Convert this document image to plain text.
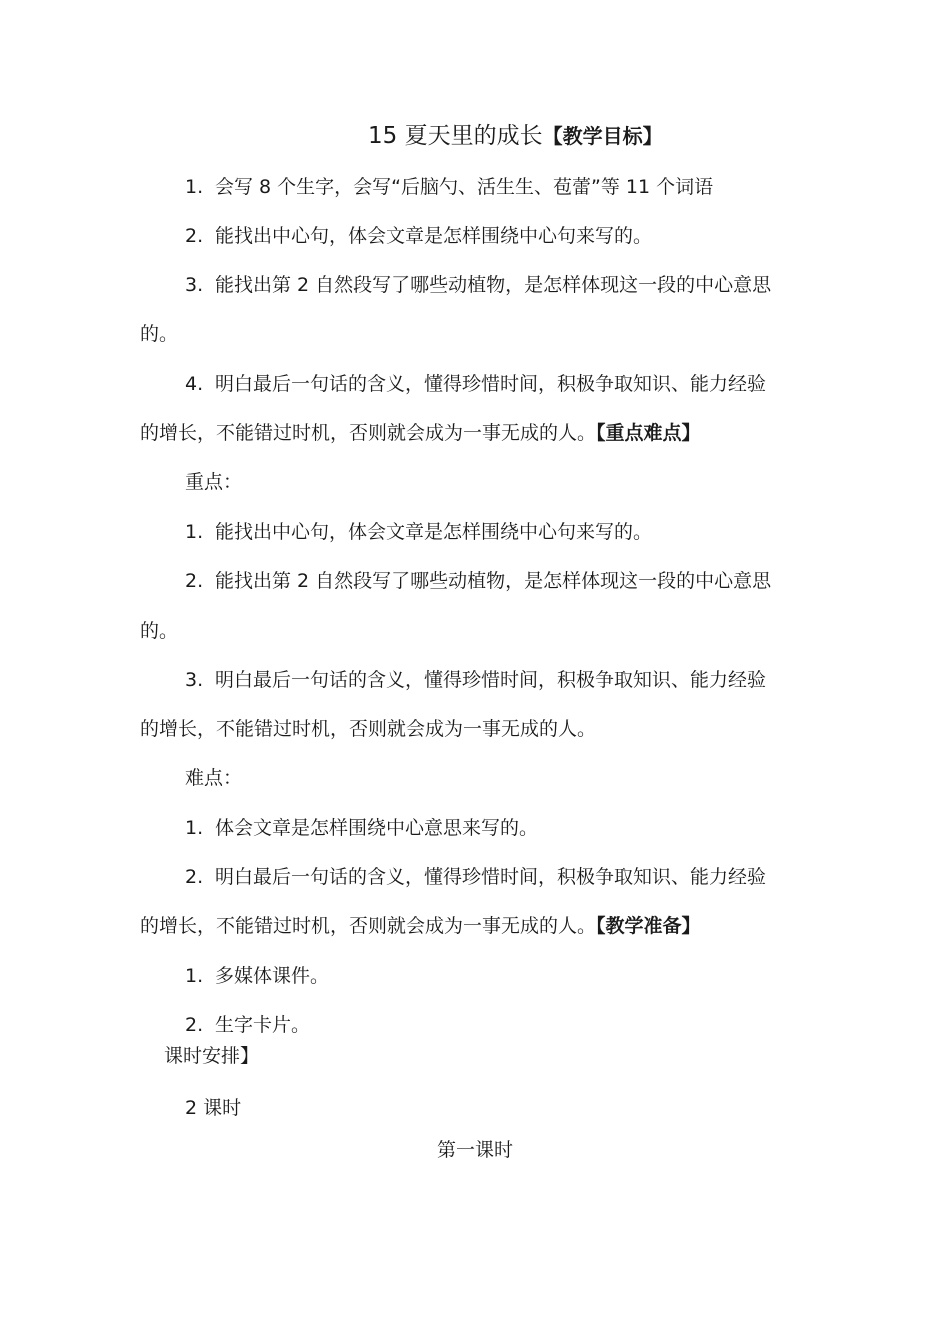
15 夏天里的成长【教学目标】
1. 会写 8 个生字，会写“后脑勺、活生生、苞蕾”等 11 个词语
2. 能找出中心句，体会文章是怎样围绕中心句来写的。
3. 能找出第 2 自然段写了哪些动植物，是怎样体现这一段的中心意思
的。
4. 明白最后一句话的含义，懂得珍惜时间，积极争取知识、能力经验
的增长，不能错过时机，否则就会成为一事无成的人。【重点难点】
重点：
1. 能找出中心句，体会文章是怎样围绕中心句来写的。
2. 能找出第 2 自然段写了哪些动植物，是怎样体现这一段的中心意思
的。
3. 明白最后一句话的含义，懂得珍惜时间，积极争取知识、能力经验
的增长，不能错过时机，否则就会成为一事无成的人。
难点：
1. 体会文章是怎样围绕中心意思来写的。
2. 明白最后一句话的含义，懂得珍惜时间，积极争取知识、能力经验
的增长，不能错过时机，否则就会成为一事无成的人。【教学准备】
1. 多媒体课件。
2. 生字卡片。
课时安排】
2 课时
第一课时
